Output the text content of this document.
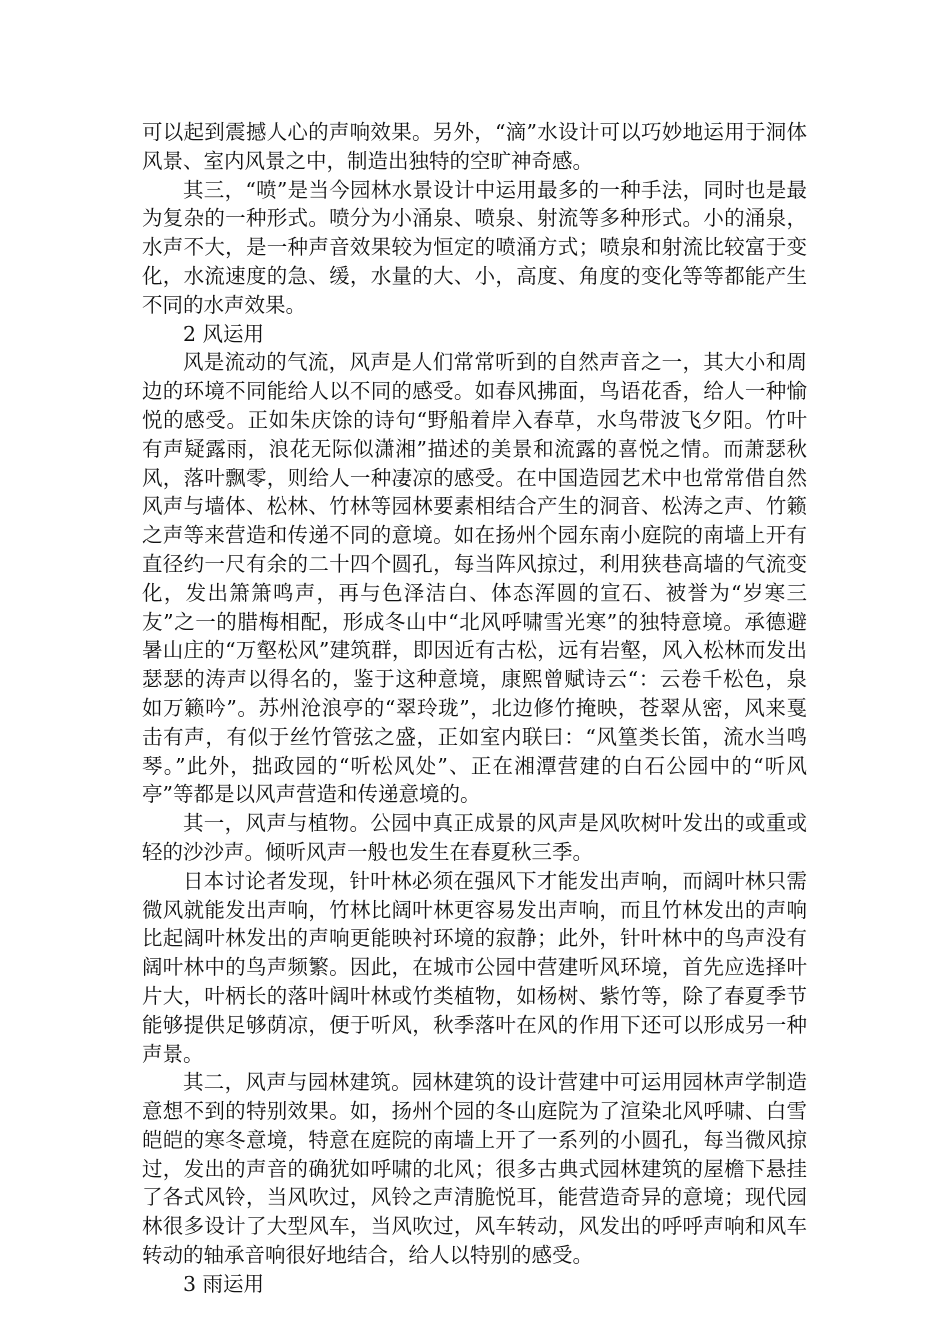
可以起到震撼人心的声响效果。另外，“滴”水设计可以巧妙地运用于洞体风景、室内风景之中，制造出独特的空旷神奇感。

其三，“喷”是当今园林水景设计中运用最多的一种手法，同时也是最为复杂的一种形式。喷分为小涌泉、喷泉、射流等多种形式。小的涌泉，水声不大，是一种声音效果较为恒定的喷涌方式；喷泉和射流比较富于变化，水流速度的急、缓，水量的大、小，高度、角度的变化等等都能产生不同的水声效果。

2 风运用

风是流动的气流，风声是人们常常听到的自然声音之一，其大小和周边的环境不同能给人以不同的感受。如春风拂面，鸟语花香，给人一种愉悦的感受。正如朱庆馀的诗句“野船着岸入春草，水鸟带波飞夕阳。竹叶有声疑露雨，浪花无际似潇湘”描述的美景和流露的喜悦之情。而萧瑟秋风，落叶飘零，则给人一种凄凉的感受。在中国造园艺术中也常常借自然风声与墙体、松林、竹林等园林要素相结合产生的洞音、松涛之声、竹籁之声等来营造和传递不同的意境。如在扬州个园东南小庭院的南墙上开有直径约一尺有余的二十四个圆孔，每当阵风掠过，利用狭巷高墙的气流变化，发出箫箫鸣声，再与色泽洁白、体态浑圆的宣石、被誉为“岁寒三友”之一的腊梅相配，形成冬山中“北风呼啸雪光寒”的独特意境。承德避暑山庄的“万壑松风”建筑群，即因近有古松，远有岩壑，风入松林而发出瑟瑟的涛声以得名的，鉴于这种意境，康熙曾赋诗云“：云卷千松色，泉如万籁吟”。苏州沧浪亭的“翠玲珑”，北边修竹掩映，苍翠从密，风来戛击有声，有似于丝竹管弦之盛，正如室内联曰：“风篁类长笛，流水当鸣琴。”此外，拙政园的“听松风处”、正在湘潭营建的白石公园中的“听风亭”等都是以风声营造和传递意境的。

其一，风声与植物。公园中真正成景的风声是风吹树叶发出的或重或轻的沙沙声。倾听风声一般也发生在春夏秋三季。

日本讨论者发现，针叶林必须在强风下才能发出声响，而阔叶林只需微风就能发出声响，竹林比阔叶林更容易发出声响，而且竹林发出的声响比起阔叶林发出的声响更能映衬环境的寂静；此外，针叶林中的鸟声没有阔叶林中的鸟声频繁。因此，在城市公园中营建听风环境，首先应选择叶片大，叶柄长的落叶阔叶林或竹类植物，如杨树、紫竹等，除了春夏季节能够提供足够荫凉，便于听风，秋季落叶在风的作用下还可以形成另一种声景。

其二，风声与园林建筑。园林建筑的设计营建中可运用园林声学制造意想不到的特别效果。如，扬州个园的冬山庭院为了渲染北风呼啸、白雪皑皑的寒冬意境，特意在庭院的南墙上开了一系列的小圆孔，每当微风掠过，发出的声音的确犹如呼啸的北风；很多古典式园林建筑的屋檐下悬挂了各式风铃，当风吹过，风铃之声清脆悦耳，能营造奇异的意境；现代园林很多设计了大型风车，当风吹过，风车转动，风发出的呼呼声响和风车转动的轴承音响很好地结合，给人以特别的感受。

3 雨运用
